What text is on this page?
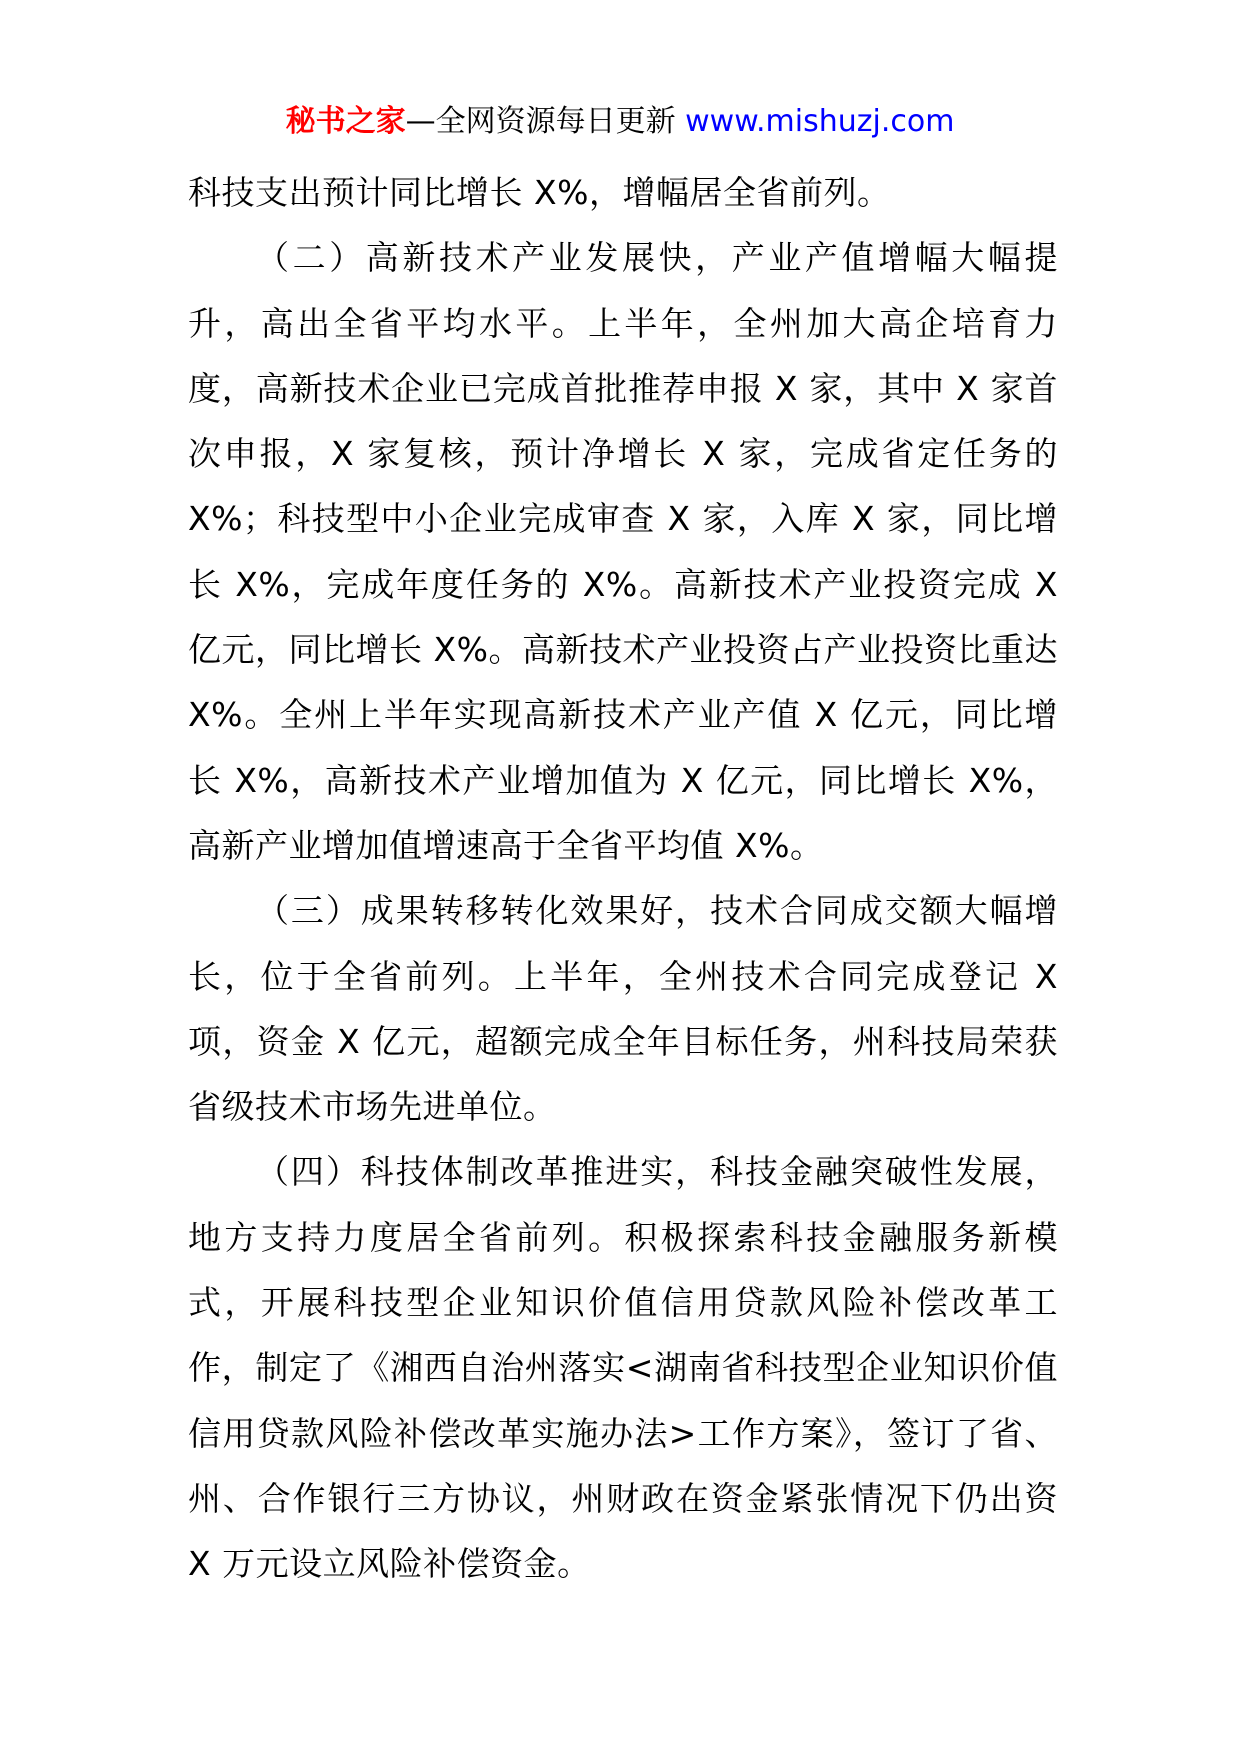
秘书之家—全网资源每日更新 www.mishuzj.com

科技支出预计同比增长 X%，增幅居全省前列。

（二）高新技术产业发展快，产业产值增幅大幅提升，高出全省平均水平。上半年，全州加大高企培育力度，高新技术企业已完成首批推荐申报 X 家，其中 X 家首次申报，X 家复核，预计净增长 X 家，完成省定任务的 X%；科技型中小企业完成审查 X 家，入库 X 家，同比增长 X%，完成年度任务的 X%。高新技术产业投资完成 X 亿元，同比增长 X%。高新技术产业投资占产业投资比重达 X%。全州上半年实现高新技术产业产值 X 亿元，同比增长 X%，高新技术产业增加值为 X 亿元，同比增长 X%，高新产业增加值增速高于全省平均值 X%。

（三）成果转移转化效果好，技术合同成交额大幅增长，位于全省前列。上半年，全州技术合同完成登记 X 项，资金 X 亿元，超额完成全年目标任务，州科技局荣获省级技术市场先进单位。

（四）科技体制改革推进实，科技金融突破性发展，地方支持力度居全省前列。积极探索科技金融服务新模式，开展科技型企业知识价值信用贷款风险补偿改革工作，制定了《湘西自治州落实<湖南省科技型企业知识价值信用贷款风险补偿改革实施办法>工作方案》，签订了省、州、合作银行三方协议，州财政在资金紧张情况下仍出资 X 万元设立风险补偿资金。
